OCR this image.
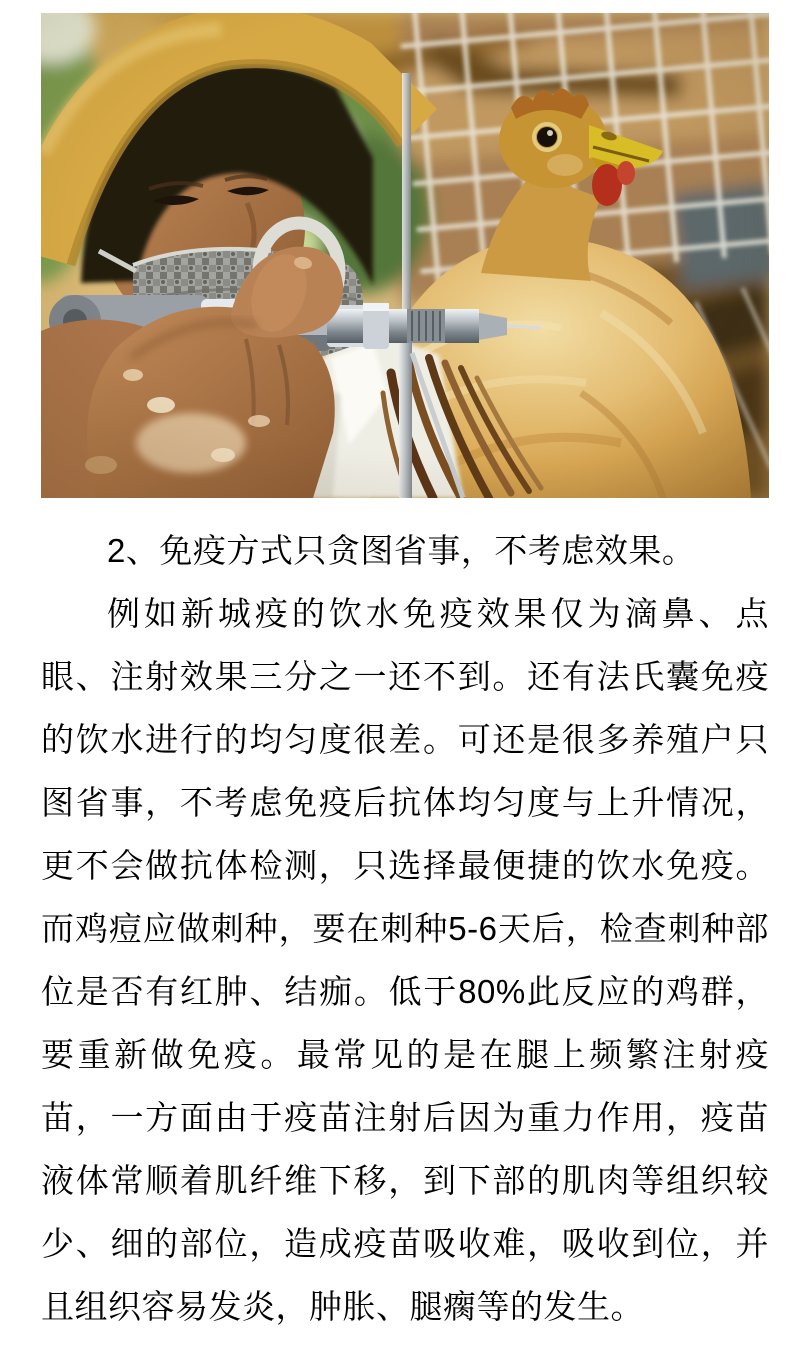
2、免疫方式只贪图省事，不考虑效果。
例如新城疫的饮水免疫效果仅为滴鼻、点
眼、注射效果三分之一还不到。还有法氏囊免疫
的饮水进行的均匀度很差。可还是很多养殖户只
图省事，不考虑免疫后抗体均匀度与上升情况，
更不会做抗体检测，只选择最便捷的饮水免疫。
而鸡痘应做刺种，要在刺种5-6天后，检查刺种部
位是否有红肿、结痂。低于80%此反应的鸡群，
要重新做免疫。最常见的是在腿上频繁注射疫
苗，一方面由于疫苗注射后因为重力作用，疫苗
液体常顺着肌纤维下移，到下部的肌肉等组织较
少、细的部位，造成疫苗吸收难，吸收到位，并
且组织容易发炎，肿胀、腿瘸等的发生。
